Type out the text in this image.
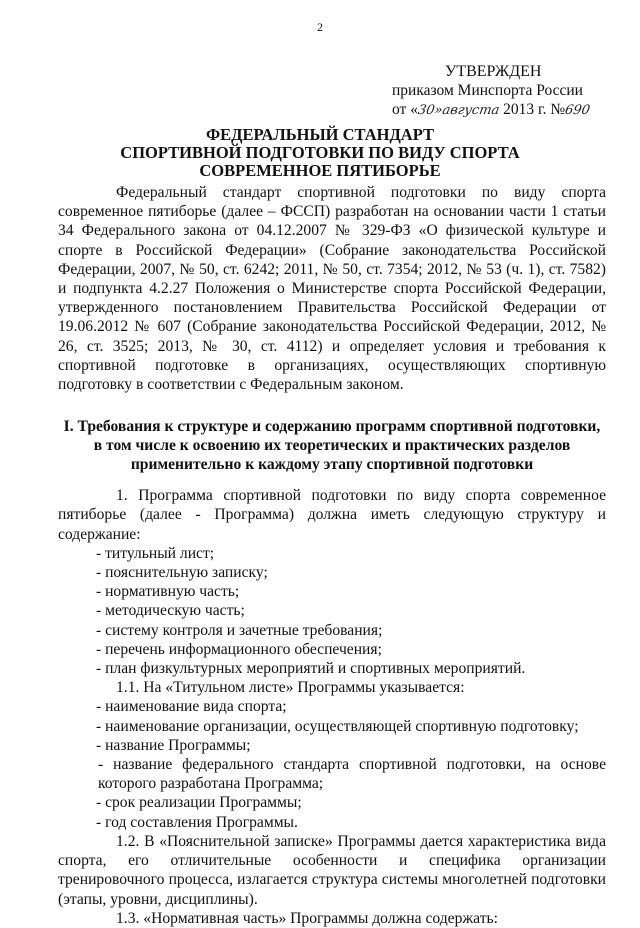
2
УТВЕРЖДЕН
приказом Минспорта России
от «30»августа 2013 г. №690
ФЕДЕРАЛЬНЫЙ СТАНДАРТ
СПОРТИВНОЙ ПОДГОТОВКИ ПО ВИДУ СПОРТА
СОВРЕМЕННОЕ ПЯТИБОРЬЕ

Федеральный стандарт спортивной подготовки по виду спорта современное пятиборье (далее – ФССП) разработан на основании части 1 статьи 34 Федерального закона от 04.12.2007 № 329-ФЗ «О физической культуре и спорте в Российской Федерации» (Собрание законодательства Российской Федерации, 2007, № 50, ст. 6242; 2011, № 50, ст. 7354; 2012, № 53 (ч. 1), ст. 7582) и подпункта 4.2.27 Положения о Министерстве спорта Российской Федерации, утвержденного постановлением Правительства Российской Федерации от 19.06.2012 № 607 (Собрание законодательства Российской Федерации, 2012, № 26, ст. 3525; 2013, № 30, ст. 4112) и определяет условия и требования к спортивной подготовке в организациях, осуществляющих спортивную подготовку в соответствии с Федеральным законом.

I. Требования к структуре и содержанию программ спортивной подготовки,
в том числе к освоению их теоретических и практических разделов
применительно к каждому этапу спортивной подготовки

1. Программа спортивной подготовки по виду спорта современное пятиборье (далее - Программа) должна иметь следующую структуру и содержание:

- титульный лист;

- пояснительную записку;

- нормативную часть;

- методическую часть;

- систему контроля и зачетные требования;

- перечень информационного обеспечения;

- план физкультурных мероприятий и спортивных мероприятий.

1.1. На «Титульном листе» Программы указывается:

- наименование вида спорта;

- наименование организации, осуществляющей спортивную подготовку;

- название Программы;

- название федерального стандарта спортивной подготовки, на основе которого разработана Программа;

- срок реализации Программы;

- год составления Программы.

1.2. В «Пояснительной записке» Программы дается характеристика вида спорта, его отличительные особенности и специфика организации тренировочного процесса, излагается структура системы многолетней подготовки (этапы, уровни, дисциплины).

1.3. «Нормативная часть» Программы должна содержать:
